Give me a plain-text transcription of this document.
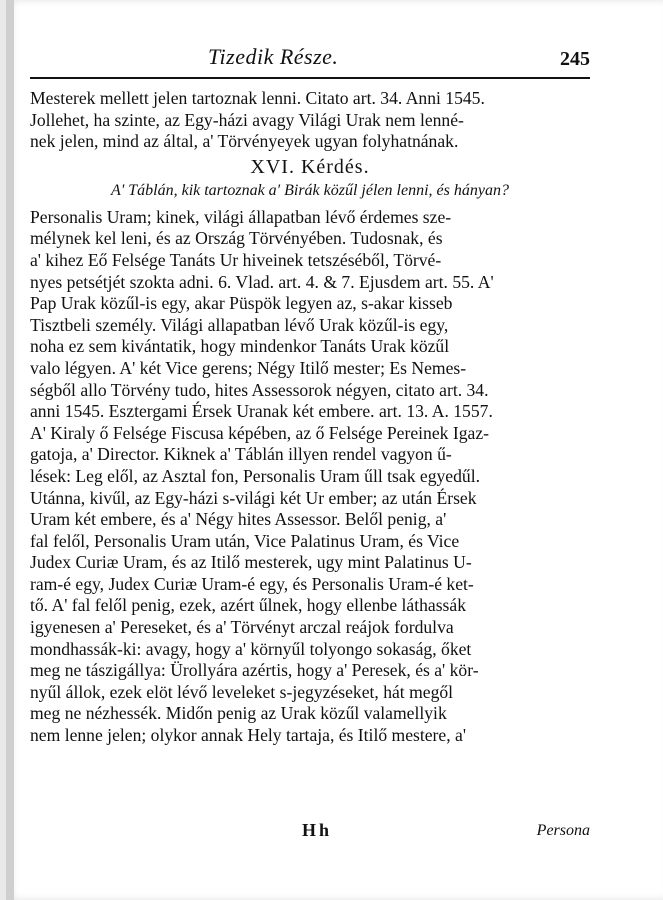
Tizedik Része.	245
Mesterek mellett jelen tartoznak lenni. Citato art. 34. Anni 1545.
Jollehet, ha szinte, az Egy-házi avagy Világi Urak nem lenné-
nek jelen, mind az által, a' Törvényeyek ugyan folyhatnának.
XVI. Kérdés.
A' Táblán, kik tartoznak a' Birák közűl jélen lenni, és hányan?
Personalis Uram; kinek, világi állapatban lévő érdemes sze-
mélynek kel leni, és az Ország Törvényében. Tudosnak, és
a' kihez Eő Felsége Tanáts Ur hiveinek tetszéséből, Törvé-
nyes petsétjét szokta adni. 6. Vlad. art. 4. & 7. Ejusdem art. 55. A'
Pap Urak közűl-is egy, akar Püspök legyen az, s-akar kisseb
Tisztbeli személy. Világi allapatban lévő Urak közűl-is egy,
noha ez sem kivántatik, hogy mindenkor Tanáts Urak közűl
valo légyen. A' két Vice gerens; Négy Itilő mester; Es Nemes-
ségből allo Törvény tudo, hites Assessorok négyen, citato art. 34.
anni 1545. Esztergami Érsek Uranak két embere. art. 13. A. 1557.
A' Kiraly ő Felsége Fiscusa képében, az ő Felsége Pereinek Igaz-
gatoja, a' Director. Kiknek a' Táblán illyen rendel vagyon ű-
lések: Leg elől, az Asztal fon, Personalis Uram űll tsak egyedűl.
Utánna, kivűl, az Egy-házi s-világi két Ur ember; az után Érsek
Uram két embere, és a' Négy hites Assessor. Belől penig, a'
fal felől, Personalis Uram után, Vice Palatinus Uram, és Vice
Judex Curiæ Uram, és az Itilő mesterek, ugy mint Palatinus U-
ram-é egy, Judex Curiæ Uram-é egy, és Personalis Uram-é ket-
tő. A' fal felől penig, ezek, azért űlnek, hogy ellenbe láthassák
igyenesen a' Pereseket, és a' Törvényt arczal reájok fordulva
mondhassák-ki: avagy, hogy a' környűl tolyongo sokaság, őket
meg ne tászigállya: Ürollyára azértis, hogy a' Peresek, és a' kör-
nyűl állok, ezek elöt lévő leveleket s-jegyzéseket, hát megől
meg ne nézhessék. Midőn penig az Urak közűl valamellyik
nem lenne jelen; olykor annak Hely tartaja, és Itilő mestere, a'
Hh	Persona
